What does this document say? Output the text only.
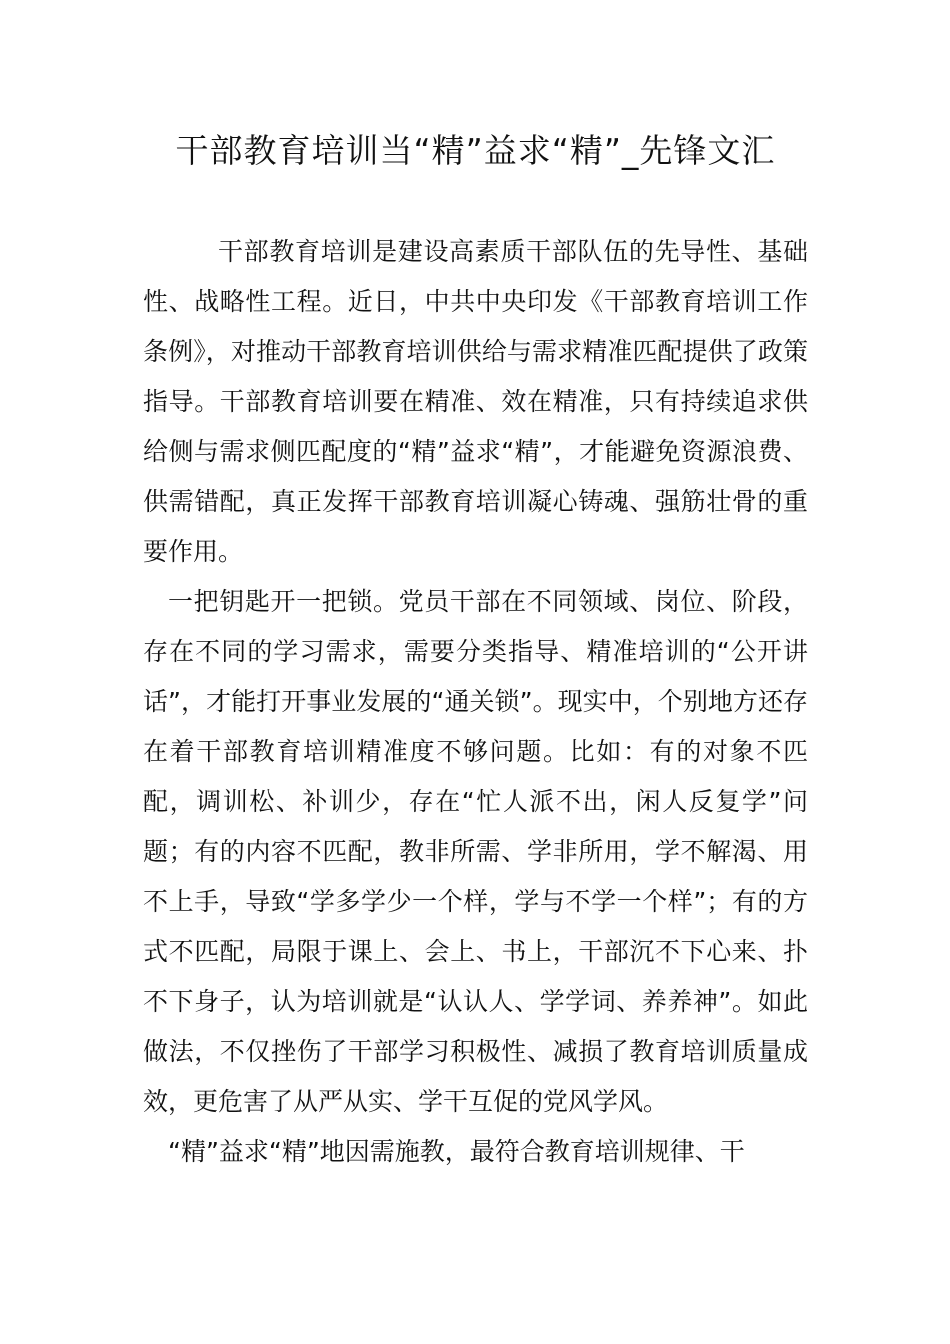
干部教育培训当“精”益求“精”_先锋文汇

干部教育培训是建设高素质干部队伍的先导性、基础性、战略性工程。近日，中共中央印发《干部教育培训工作条例》，对推动干部教育培训供给与需求精准匹配提供了政策指导。干部教育培训要在精准、效在精准，只有持续追求供给侧与需求侧匹配度的“精”益求“精”，才能避免资源浪费、供需错配，真正发挥干部教育培训凝心铸魂、强筋壮骨的重要作用。

一把钥匙开一把锁。党员干部在不同领域、岗位、阶段，存在不同的学习需求，需要分类指导、精准培训的“公开讲话”，才能打开事业发展的“通关锁”。现实中，个别地方还存在着干部教育培训精准度不够问题。比如：有的对象不匹配，调训松、补训少，存在“忙人派不出，闲人反复学”问题；有的内容不匹配，教非所需、学非所用，学不解渴、用不上手，导致“学多学少一个样，学与不学一个样”；有的方式不匹配，局限于课上、会上、书上，干部沉不下心来、扑不下身子，认为培训就是“认认人、学学词、养养神”。如此做法，不仅挫伤了干部学习积极性、减损了教育培训质量成效，更危害了从严从实、学干互促的党风学风。

“精”益求“精”地因需施教，最符合教育培训规律、干
